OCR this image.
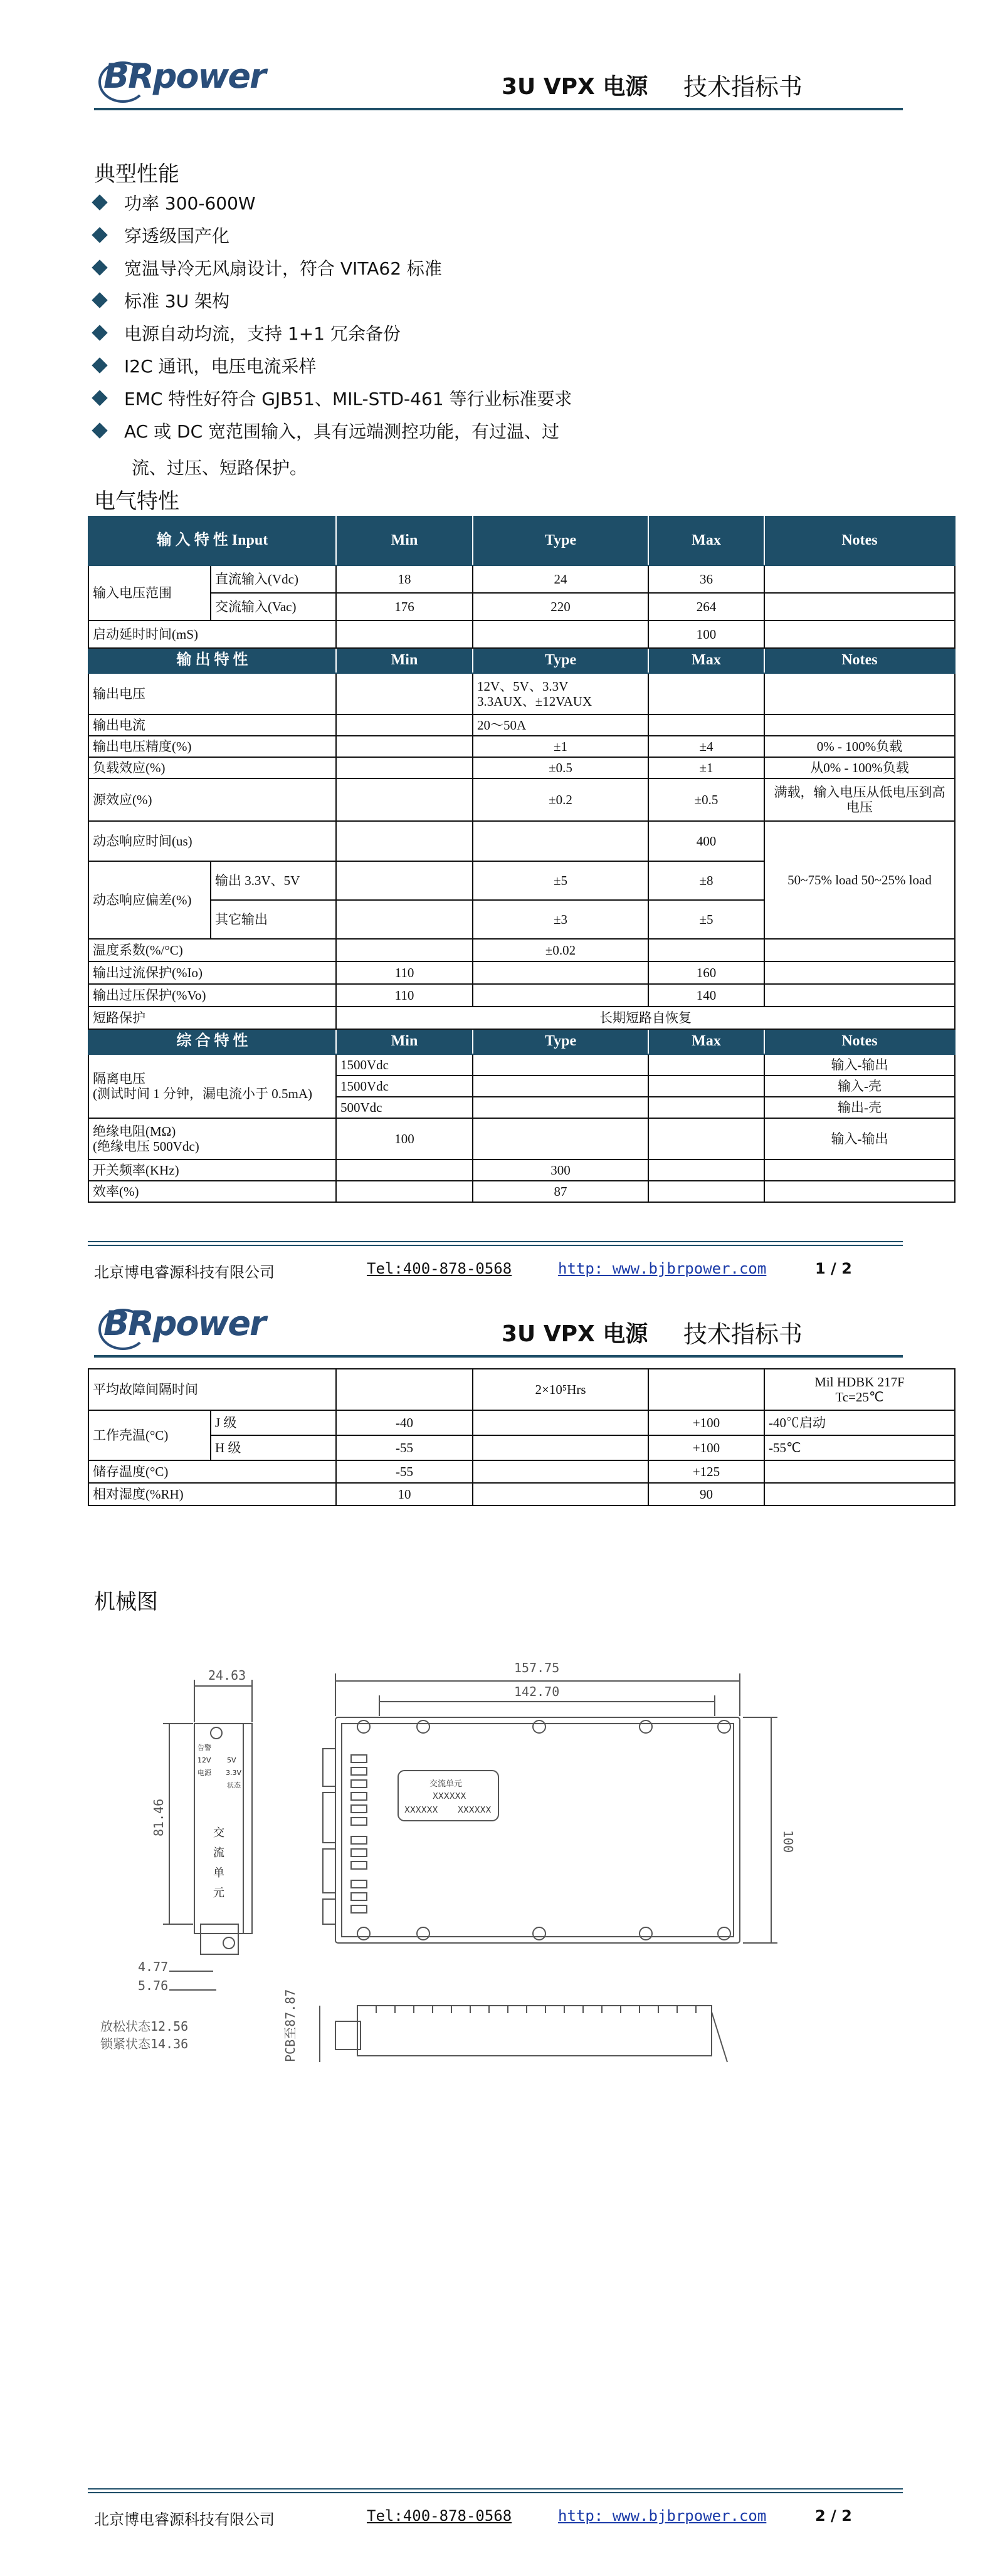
BRpower	3U VPX 电源 技术指标书
典型性能
功率 300-600W
穿透级国产化
宽温导冷无风扇设计，符合 VITA62 标准
标准 3U 架构
电源自动均流，支持 1+1 冗余备份
I2C 通讯，电压电流采样
EMC 特性好符合 GJB51、MIL-STD-461 等行业标准要求
AC 或 DC 宽范围输入，具有远端测控功能，有过温、过
流、过压、短路保护。
电气特性
输 入 特 性 Input		Min	Type	Max	Notes
输入电压范围	直流输入(Vdc)	18	24	36	
	交流输入(Vac)	176	220	264	
启动延时时间(mS)				100	
输 出 特 性		Min	Type	Max	Notes
输出电压			12V、5V、3.3V
3.3AUX、±12VAUX		

输出电流			20～50A		
输出电压精度(%)			±1	±4	0% - 100%负载
负载效应(%)			±0.5	±1	从0% - 100%负载
源效应(%)			±0.2	±0.5	满载，输入电压从低电压到高电压
动态响应时间(us)				400	50~75% load 50~25% load
动态响应偏差(%)	输出 3.3V、5V		±5	±8	
	其它输出		±3	±5	
温度系数(%/°C)			±0.02		
输出过流保护(%Io)		110		160	
输出过压保护(%Vo)		110		140	
短路保护		长期短路自恢复			
综 合 特 性		Min	Type	Max	Notes
隔离电压
(测试时间 1 分钟，漏电流小于 0.5mA)		1500Vdc			输入-输出
		1500Vdc			输入-壳
		500Vdc			输出-壳
绝缘电阻(MΩ)
(绝缘电压 500Vdc)		100			输入-输出
开关频率(KHz)			300		
效率(%)			87		
北京博电睿源科技有限公司	Tel:400-878-0568	http: www.bjbrpower.com	1 / 2
BRpower	3U VPX 电源 技术指标书
平均故障间隔时间			2×10⁵Hrs		Mil HDBK 217F
Tc=25℃

工作壳温(°C)	J 级	-40		+100	-40℃启动
	H 级	-55		+100	-55℃
储存温度(°C)		-55		+125	
相对湿度(%RH)		10		90	
机械图
24.63
81.46
4.77
5.76
157.75
142.70
100
PCB至87.87
放松状态12.56
锁紧状态14.36
告警
12V
电源
5V
3.3V
状态
交
流
单
元
交流单元
XXXXXX
XXXXXX XXXXXX
北京博电睿源科技有限公司	Tel:400-878-0568	http: www.bjbrpower.com	2 / 2
